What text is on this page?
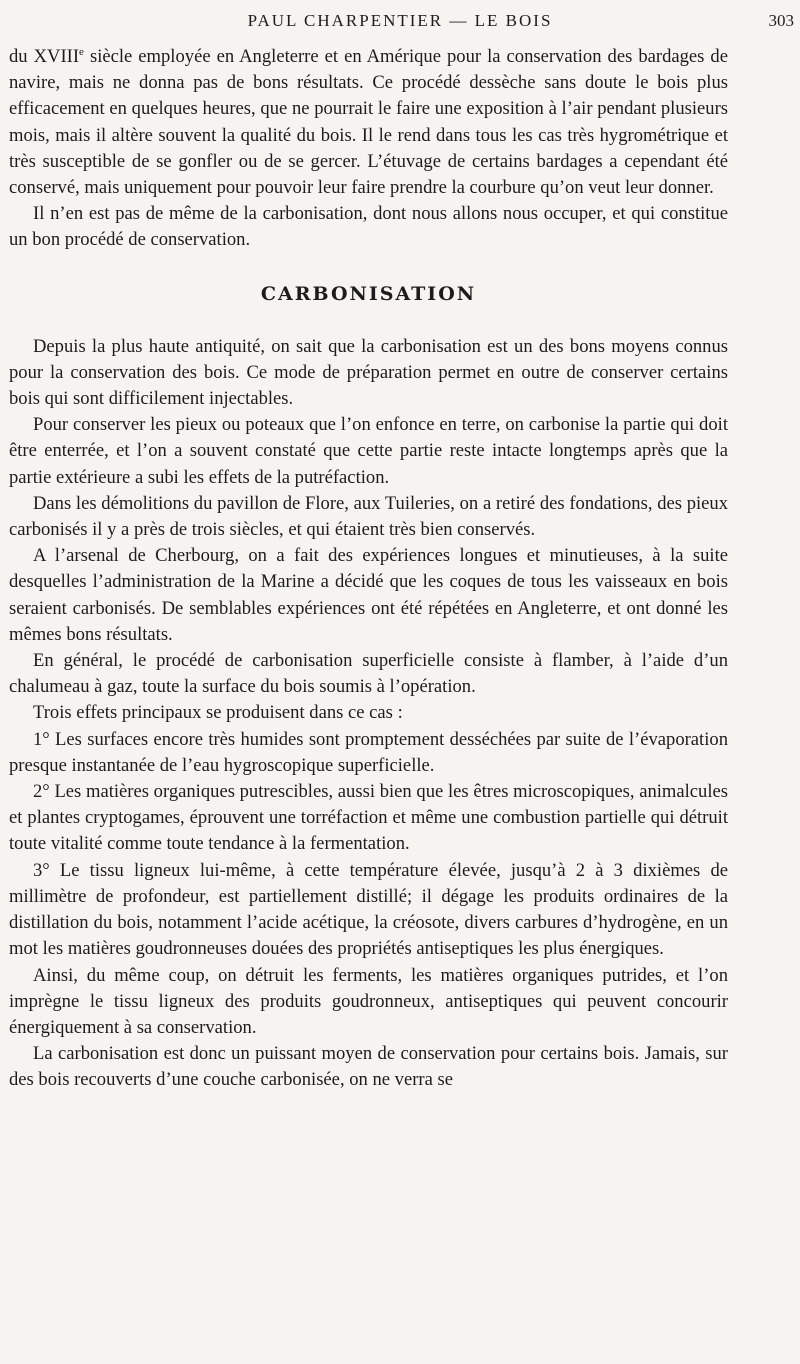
PAUL CHARPENTIER — LE BOIS	303

du XVIIIe siècle employée en Angleterre et en Amérique pour la conservation des bardages de navire, mais ne donna pas de bons résultats. Ce procédé dessèche sans doute le bois plus efficacement en quelques heures, que ne pourrait le faire une exposition à l’air pendant plusieurs mois, mais il altère souvent la qualité du bois. Il le rend dans tous les cas très hygrométrique et très susceptible de se gonfler ou de se gercer. L’étuvage de certains bardages a cependant été conservé, mais uniquement pour pouvoir leur faire prendre la courbure qu’on veut leur donner.

Il n’en est pas de même de la carbonisation, dont nous allons nous occuper, et qui constitue un bon procédé de conservation.

CARBONISATION

Depuis la plus haute antiquité, on sait que la carbonisation est un des bons moyens connus pour la conservation des bois. Ce mode de préparation permet en outre de conserver certains bois qui sont difficilement injectables.

Pour conserver les pieux ou poteaux que l’on enfonce en terre, on carbonise la partie qui doit être enterrée, et l’on a souvent constaté que cette partie reste intacte longtemps après que la partie extérieure a subi les effets de la putréfaction.

Dans les démolitions du pavillon de Flore, aux Tuileries, on a retiré des fondations, des pieux carbonisés il y a près de trois siècles, et qui étaient très bien conservés.

A l’arsenal de Cherbourg, on a fait des expériences longues et minutieuses, à la suite desquelles l’administration de la Marine a décidé que les coques de tous les vaisseaux en bois seraient carbonisés. De semblables expériences ont été répétées en Angleterre, et ont donné les mêmes bons résultats.

En général, le procédé de carbonisation superficielle consiste à flamber, à l’aide d’un chalumeau à gaz, toute la surface du bois soumis à l’opération.

Trois effets principaux se produisent dans ce cas :

1° Les surfaces encore très humides sont promptement desséchées par suite de l’évaporation presque instantanée de l’eau hygroscopique superficielle.

2° Les matières organiques putrescibles, aussi bien que les êtres microscopiques, animalcules et plantes cryptogames, éprouvent une torréfaction et même une combustion partielle qui détruit toute vitalité comme toute tendance à la fermentation.

3° Le tissu ligneux lui-même, à cette température élevée, jusqu’à 2 à 3 dixièmes de millimètre de profondeur, est partiellement distillé; il dégage les produits ordinaires de la distillation du bois, notamment l’acide acétique, la créosote, divers carbures d’hydrogène, en un mot les matières goudronneuses douées des propriétés antiseptiques les plus énergiques.

Ainsi, du même coup, on détruit les ferments, les matières organiques putrides, et l’on imprègne le tissu ligneux des produits goudronneux, antiseptiques qui peuvent concourir énergiquement à sa conservation.

La carbonisation est donc un puissant moyen de conservation pour certains bois. Jamais, sur des bois recouverts d’une couche carbonisée, on ne verra se
